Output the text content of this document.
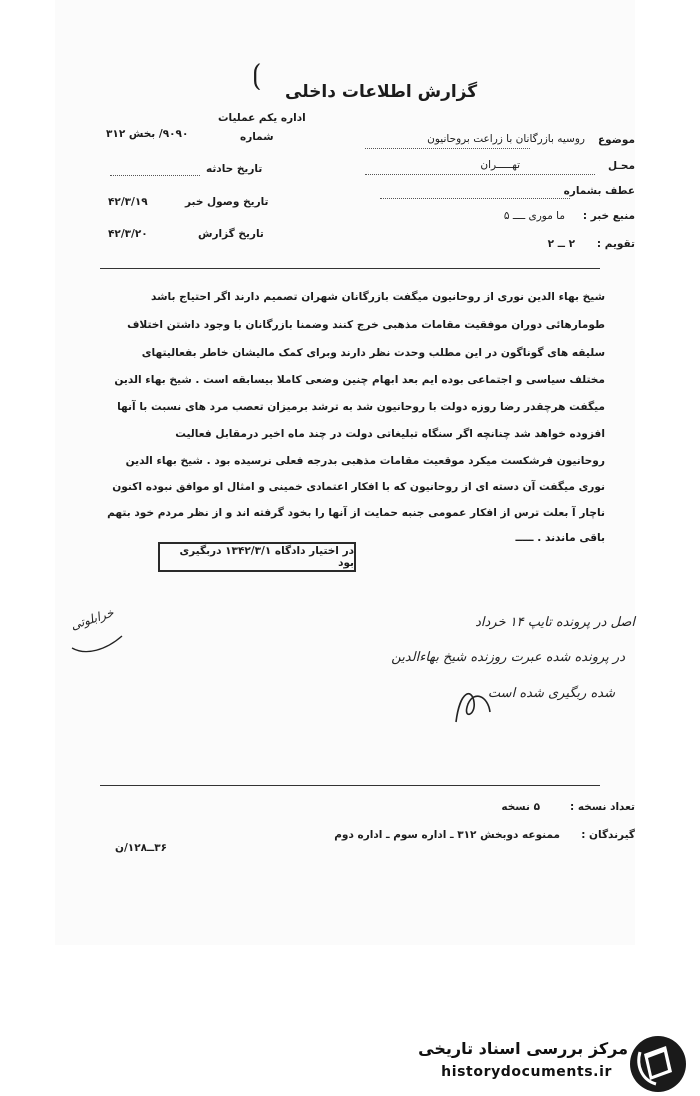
⟮
گزارش اطلاعات داخلی
موضوع
روسیه بازرگانان با زراعت بروحانیون
محـل
تهـــــران
عطف بشماره
منبع خبر :
ما موری ــــ ۵
تقویم :
۲ ــ ۲
اداره یکم عملیات
شماره
۹۰۹۰/ بخش ۳۱۲
تاریخ حادثه
تاریخ وصول خبر
۴۲/۳/۱۹
تاریخ گزارش
۴۲/۳/۲۰
شیخ بهاء الدین نوری از روحانیون میگفت بازرگانان شهران تصمیم دارند اگر احتیاج باشد
طومارهائی دوران موفقیت مقامات مذهبی خرج کنند وضمنا بازرگانان با وجود داشتن اختلاف
سلیقه های گوناگون در این مطلب وحدت نظر دارند وبرای کمک مالیشان خاطر بفعالیتهای
مختلف سیاسی و اجتماعی بوده ایم بعد ابهام چنین وضعی کاملا بیسابقه است . شیخ بهاء الدین
میگفت هرچقدر رضا روزه دولت با روحانیون شد به ترشد برمیزان تعصب مرد های نسبت با آنها
افزوده خواهد شد چنانچه اگر سنگاه تبلیغاتی دولت در چند ماه اخیر درمقابل فعالیت
روحانیون فرشکست میکرد موقعیت مقامات مذهبی بدرجه فعلی نرسیده بود . شیخ بهاء الدین
نوری میگفت آن دسته ای از روحانیون که با افکار اعتمادی خمینی و امثال او موافق نبوده اکنون
ناچار آ بعلت ترس از افکار عمومی جنبه حمایت از آنها را بخود گرفته اند و از نظر مردم خود بتهم
باقی ماندند . ـــــ
در اختیار دادگاه ۱۳۴۲/۳/۱ دربگیری بود
اصل در پرونده تایپ ۱۴ خرداد
در پرونده شده عبرت روزنده شیخ بهاءالدین
شده ربگیری شده است
خرابلوتی
تعداد نسخه :
۵ نسخه
گیرندگان :
ممنوعه دوبخش ۳۱۲ ـ اداره سوم ـ اداره دوم
۳۶ــ۱۲۸/ن
مرکز بررسی اسناد تاریخی
historydocuments.ir
